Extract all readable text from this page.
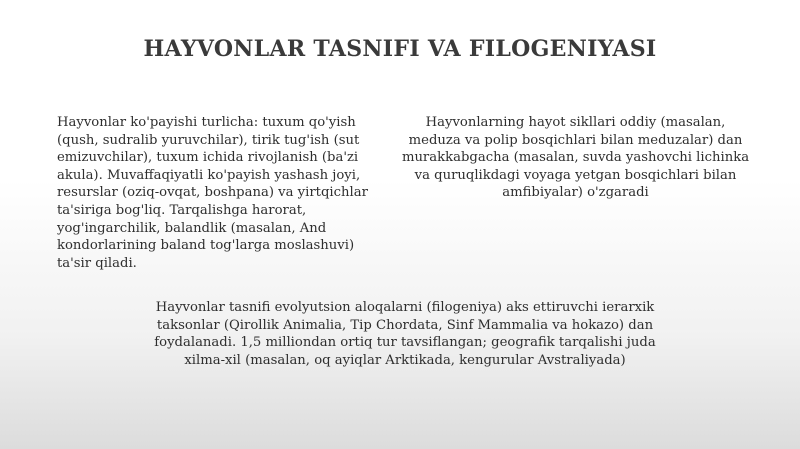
HAYVONLAR TASNIFI VA FILOGENIYASI

Hayvonlar ko'payishi turlicha: tuxum qo'yish (qush, sudralib yuruvchilar), tirik tug'ish (sut emizuvchilar), tuxum ichida rivojlanish (ba'zi akula). Muvaffaqiyatli ko'payish yashash joyi, resurslar (oziq-ovqat, boshpana) va yirtqichlar ta'siriga bog'liq. Tarqalishga harorat, yog'ingarchilik, balandlik (masalan, And kondorlarining baland tog'larga moslashuvi) ta'sir qiladi.

Hayvonlarning hayot sikllari oddiy (masalan, meduza va polip bosqichlari bilan meduzalar) dan murakkabgacha (masalan, suvda yashovchi lichinka va quruqlikdagi voyaga yetgan bosqichlari bilan amfibiyalar) o'zgaradi

Hayvonlar tasnifi evolyutsion aloqalarni (filogeniya) aks ettiruvchi ierarxik taksonlar (Qirollik Animalia, Tip Chordata, Sinf Mammalia va hokazo) dan foydalanadi. 1,5 milliondan ortiq tur tavsiflangan; geografik tarqalishi juda xilma-xil (masalan, oq ayiqlar Arktikada, kengurular Avstraliyada)
